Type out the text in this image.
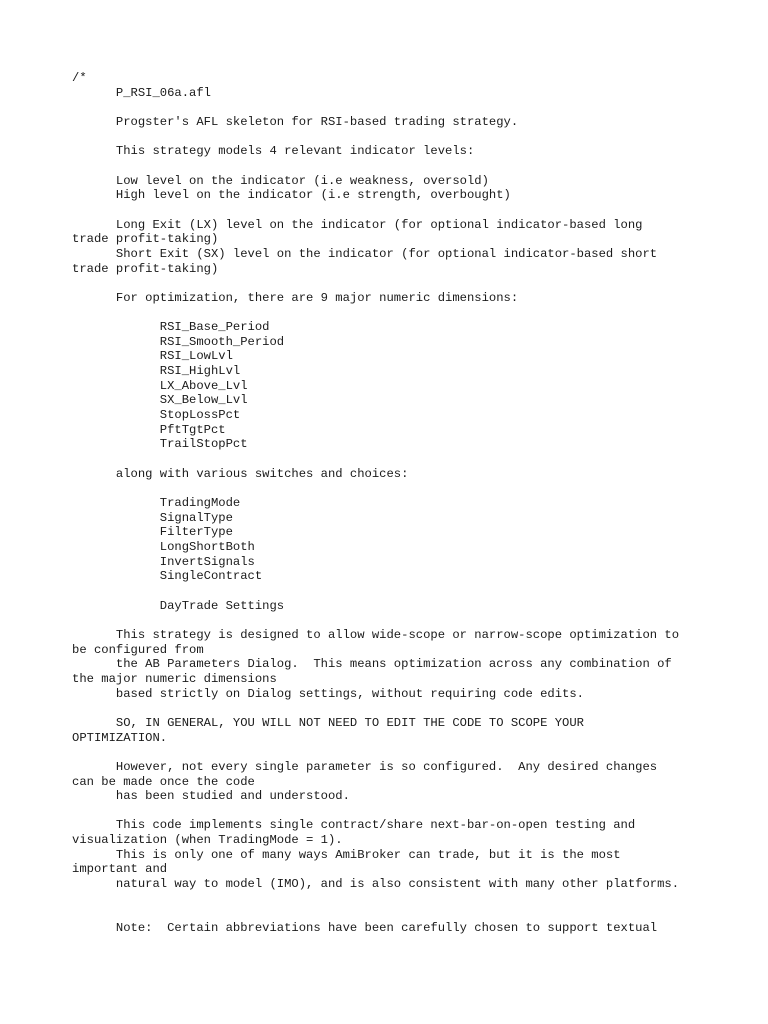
/*
P_RSI_06a.afl

Progster's AFL skeleton for RSI-based trading strategy.

This strategy models 4 relevant indicator levels:

Low level on the indicator (i.e weakness, oversold)
High level on the indicator (i.e strength, overbought)

Long Exit (LX) level on the indicator (for optional indicator-based long
trade profit-taking)
Short Exit (SX) level on the indicator (for optional indicator-based short
trade profit-taking)

For optimization, there are 9 major numeric dimensions:

RSI_Base_Period
RSI_Smooth_Period
RSI_LowLvl
RSI_HighLvl
LX_Above_Lvl
SX_Below_Lvl
StopLossPct
PftTgtPct
TrailStopPct

along with various switches and choices:

TradingMode
SignalType
FilterType
LongShortBoth
InvertSignals
SingleContract

DayTrade Settings

This strategy is designed to allow wide-scope or narrow-scope optimization to
be configured from
the AB Parameters Dialog.  This means optimization across any combination of
the major numeric dimensions
based strictly on Dialog settings, without requiring code edits.

SO, IN GENERAL, YOU WILL NOT NEED TO EDIT THE CODE TO SCOPE YOUR
OPTIMIZATION.

However, not every single parameter is so configured.  Any desired changes
can be made once the code
has been studied and understood.

This code implements single contract/share next-bar-on-open testing and
visualization (when TradingMode = 1).
This is only one of many ways AmiBroker can trade, but it is the most
important and
natural way to model (IMO), and is also consistent with many other platforms.

Note:  Certain abbreviations have been carefully chosen to support textual
